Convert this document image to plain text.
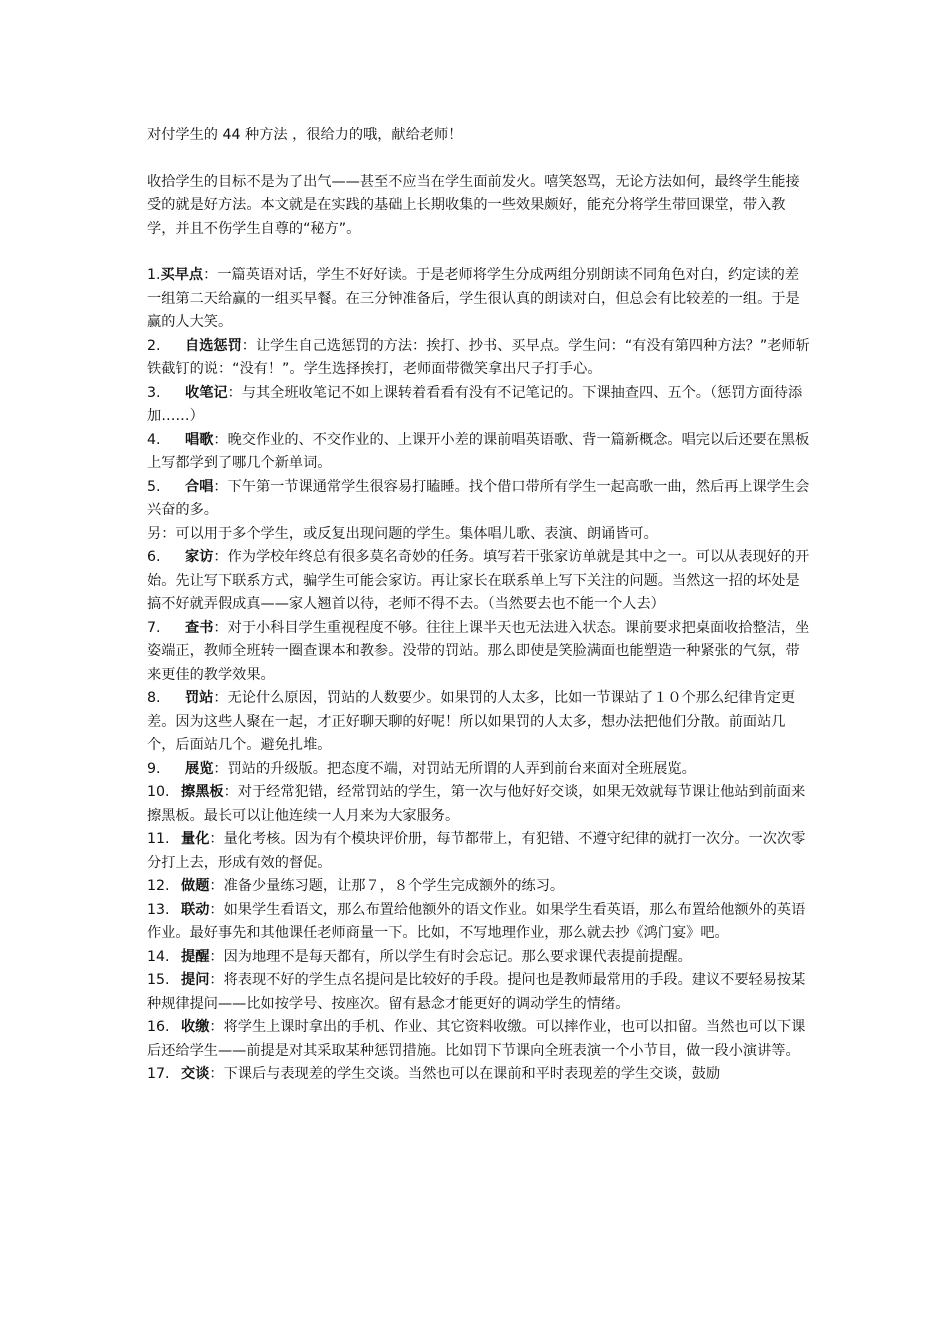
对付学生的 44 种方法 ，很给力的哦，献给老师！

收拾学生的目标不是为了出气——甚至不应当在学生面前发火。嘻笑怒骂，无论方法如何，最终学生能接受的就是好方法。本文就是在实践的基础上长期收集的一些效果颇好，能充分将学生带回课堂，带入教学，并且不伤学生自尊的“秘方”。

1.买早点：一篇英语对话，学生不好好读。于是老师将学生分成两组分别朗读不同角色对白，约定读的差一组第二天给赢的一组买早餐。在三分钟准备后，学生很认真的朗读对白，但总会有比较差的一组。于是赢的人大笑。

2. 自选惩罚：让学生自己选惩罚的方法：挨打、抄书、买早点。学生问：“有没有第四种方法？”老师斩铁截钉的说：“没有！”。学生选择挨打，老师面带微笑拿出尺子打手心。

3. 收笔记：与其全班收笔记不如上课转着看看有没有不记笔记的。下课抽查四、五个。（惩罚方面待添加……）

4. 唱歌：晚交作业的、不交作业的、上课开小差的课前唱英语歌、背一篇新概念。唱完以后还要在黑板上写都学到了哪几个新单词。

5. 合唱：下午第一节课通常学生很容易打瞌睡。找个借口带所有学生一起高歌一曲，然后再上课学生会兴奋的多。

另：可以用于多个学生，或反复出现问题的学生。集体唱儿歌、表演、朗诵皆可。

6. 家访：作为学校年终总有很多莫名奇妙的任务。填写若干张家访单就是其中之一。可以从表现好的开始。先让写下联系方式，骗学生可能会家访。再让家长在联系单上写下关注的问题。当然这一招的坏处是搞不好就弄假成真——家人翘首以待，老师不得不去。（当然要去也不能一个人去）

7. 查书：对于小科目学生重视程度不够。往往上课半天也无法进入状态。课前要求把桌面收拾整洁，坐姿端正，教师全班转一圈查课本和教参。没带的罚站。那么即使是笑脸满面也能塑造一种紧张的气氛，带来更佳的教学效果。

8. 罚站：无论什么原因，罚站的人数要少。如果罚的人太多，比如一节课站了１０个那么纪律肯定更差。因为这些人聚在一起，才正好聊天聊的好呢！所以如果罚的人太多，想办法把他们分散。前面站几个，后面站几个。避免扎堆。

9. 展览：罚站的升级版。把态度不端，对罚站无所谓的人弄到前台来面对全班展览。

10. 擦黑板：对于经常犯错，经常罚站的学生，第一次与他好好交谈，如果无效就每节课让他站到前面来擦黑板。最长可以让他连续一人月来为大家服务。

11. 量化：量化考核。因为有个模块评价册，每节都带上，有犯错、不遵守纪律的就打一次分。一次次零分打上去，形成有效的督促。

12. 做题：准备少量练习题，让那７，８个学生完成额外的练习。

13. 联动：如果学生看语文，那么布置给他额外的语文作业。如果学生看英语，那么布置给他额外的英语作业。最好事先和其他课任老师商量一下。比如，不写地理作业，那么就去抄《鸿门宴》吧。

14. 提醒：因为地理不是每天都有，所以学生有时会忘记。那么要求课代表提前提醒。

15. 提问：将表现不好的学生点名提问是比较好的手段。提问也是教师最常用的手段。建议不要轻易按某种规律提问——比如按学号、按座次。留有悬念才能更好的调动学生的情绪。

16. 收缴：将学生上课时拿出的手机、作业、其它资料收缴。可以摔作业，也可以扣留。当然也可以下课后还给学生——前提是对其采取某种惩罚措施。比如罚下节课向全班表演一个小节目，做一段小演讲等。

17. 交谈：下课后与表现差的学生交谈。当然也可以在课前和平时表现差的学生交谈，鼓励
